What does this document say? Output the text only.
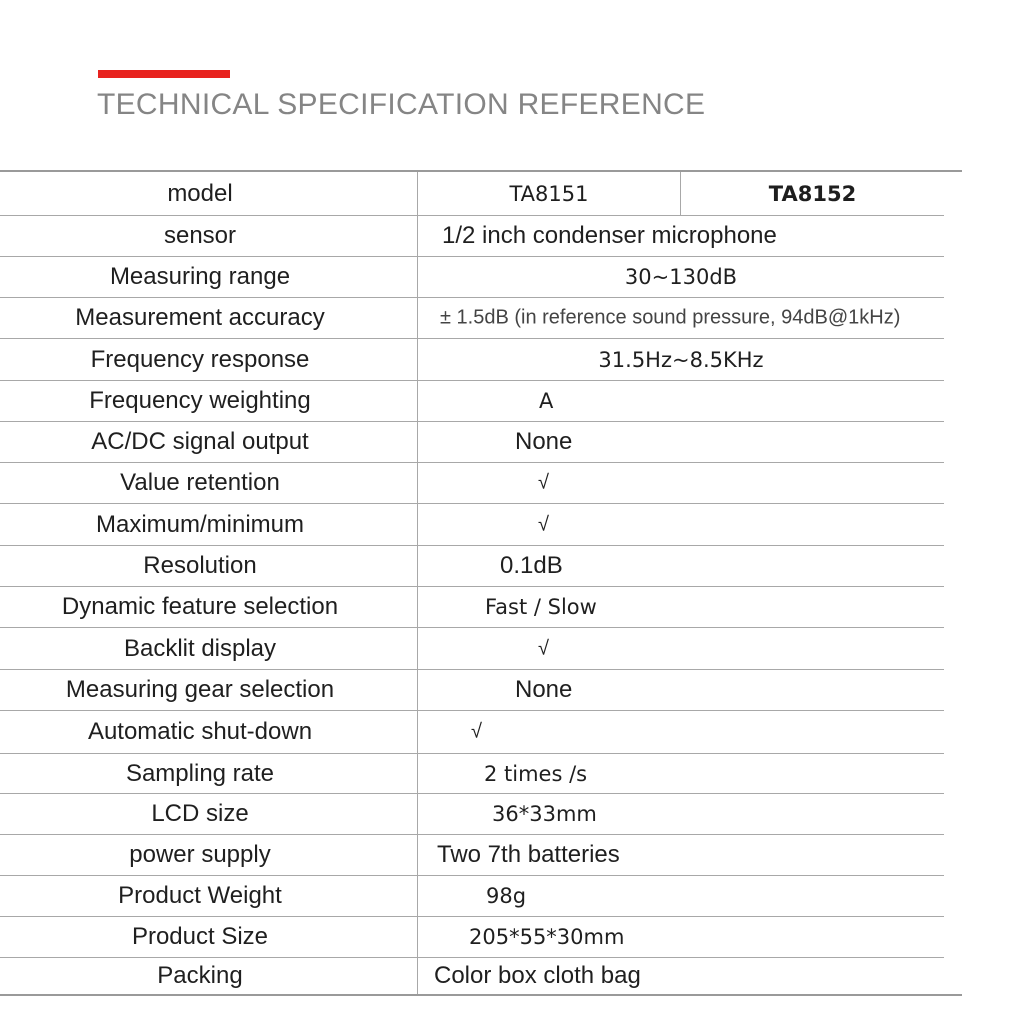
TECHNICAL SPECIFICATION REFERENCE
model	TA8151	TA8152
sensor	1/2 inch condenser microphone
Measuring range	30~130dB
Measurement accuracy	± 1.5dB (in reference sound pressure, 94dB@1kHz)
Frequency response	31.5Hz~8.5KHz
Frequency weighting	A
AC/DC signal output	None
Value retention	√
Maximum/minimum	√
Resolution	0.1dB
Dynamic feature selection	Fast / Slow
Backlit display	√
Measuring gear selection	None
Automatic shut-down	√
Sampling rate	2 times /s
LCD size	36*33mm
power supply	Two 7th batteries
Product Weight	98g
Product Size	205*55*30mm
Packing	Color box cloth bag
